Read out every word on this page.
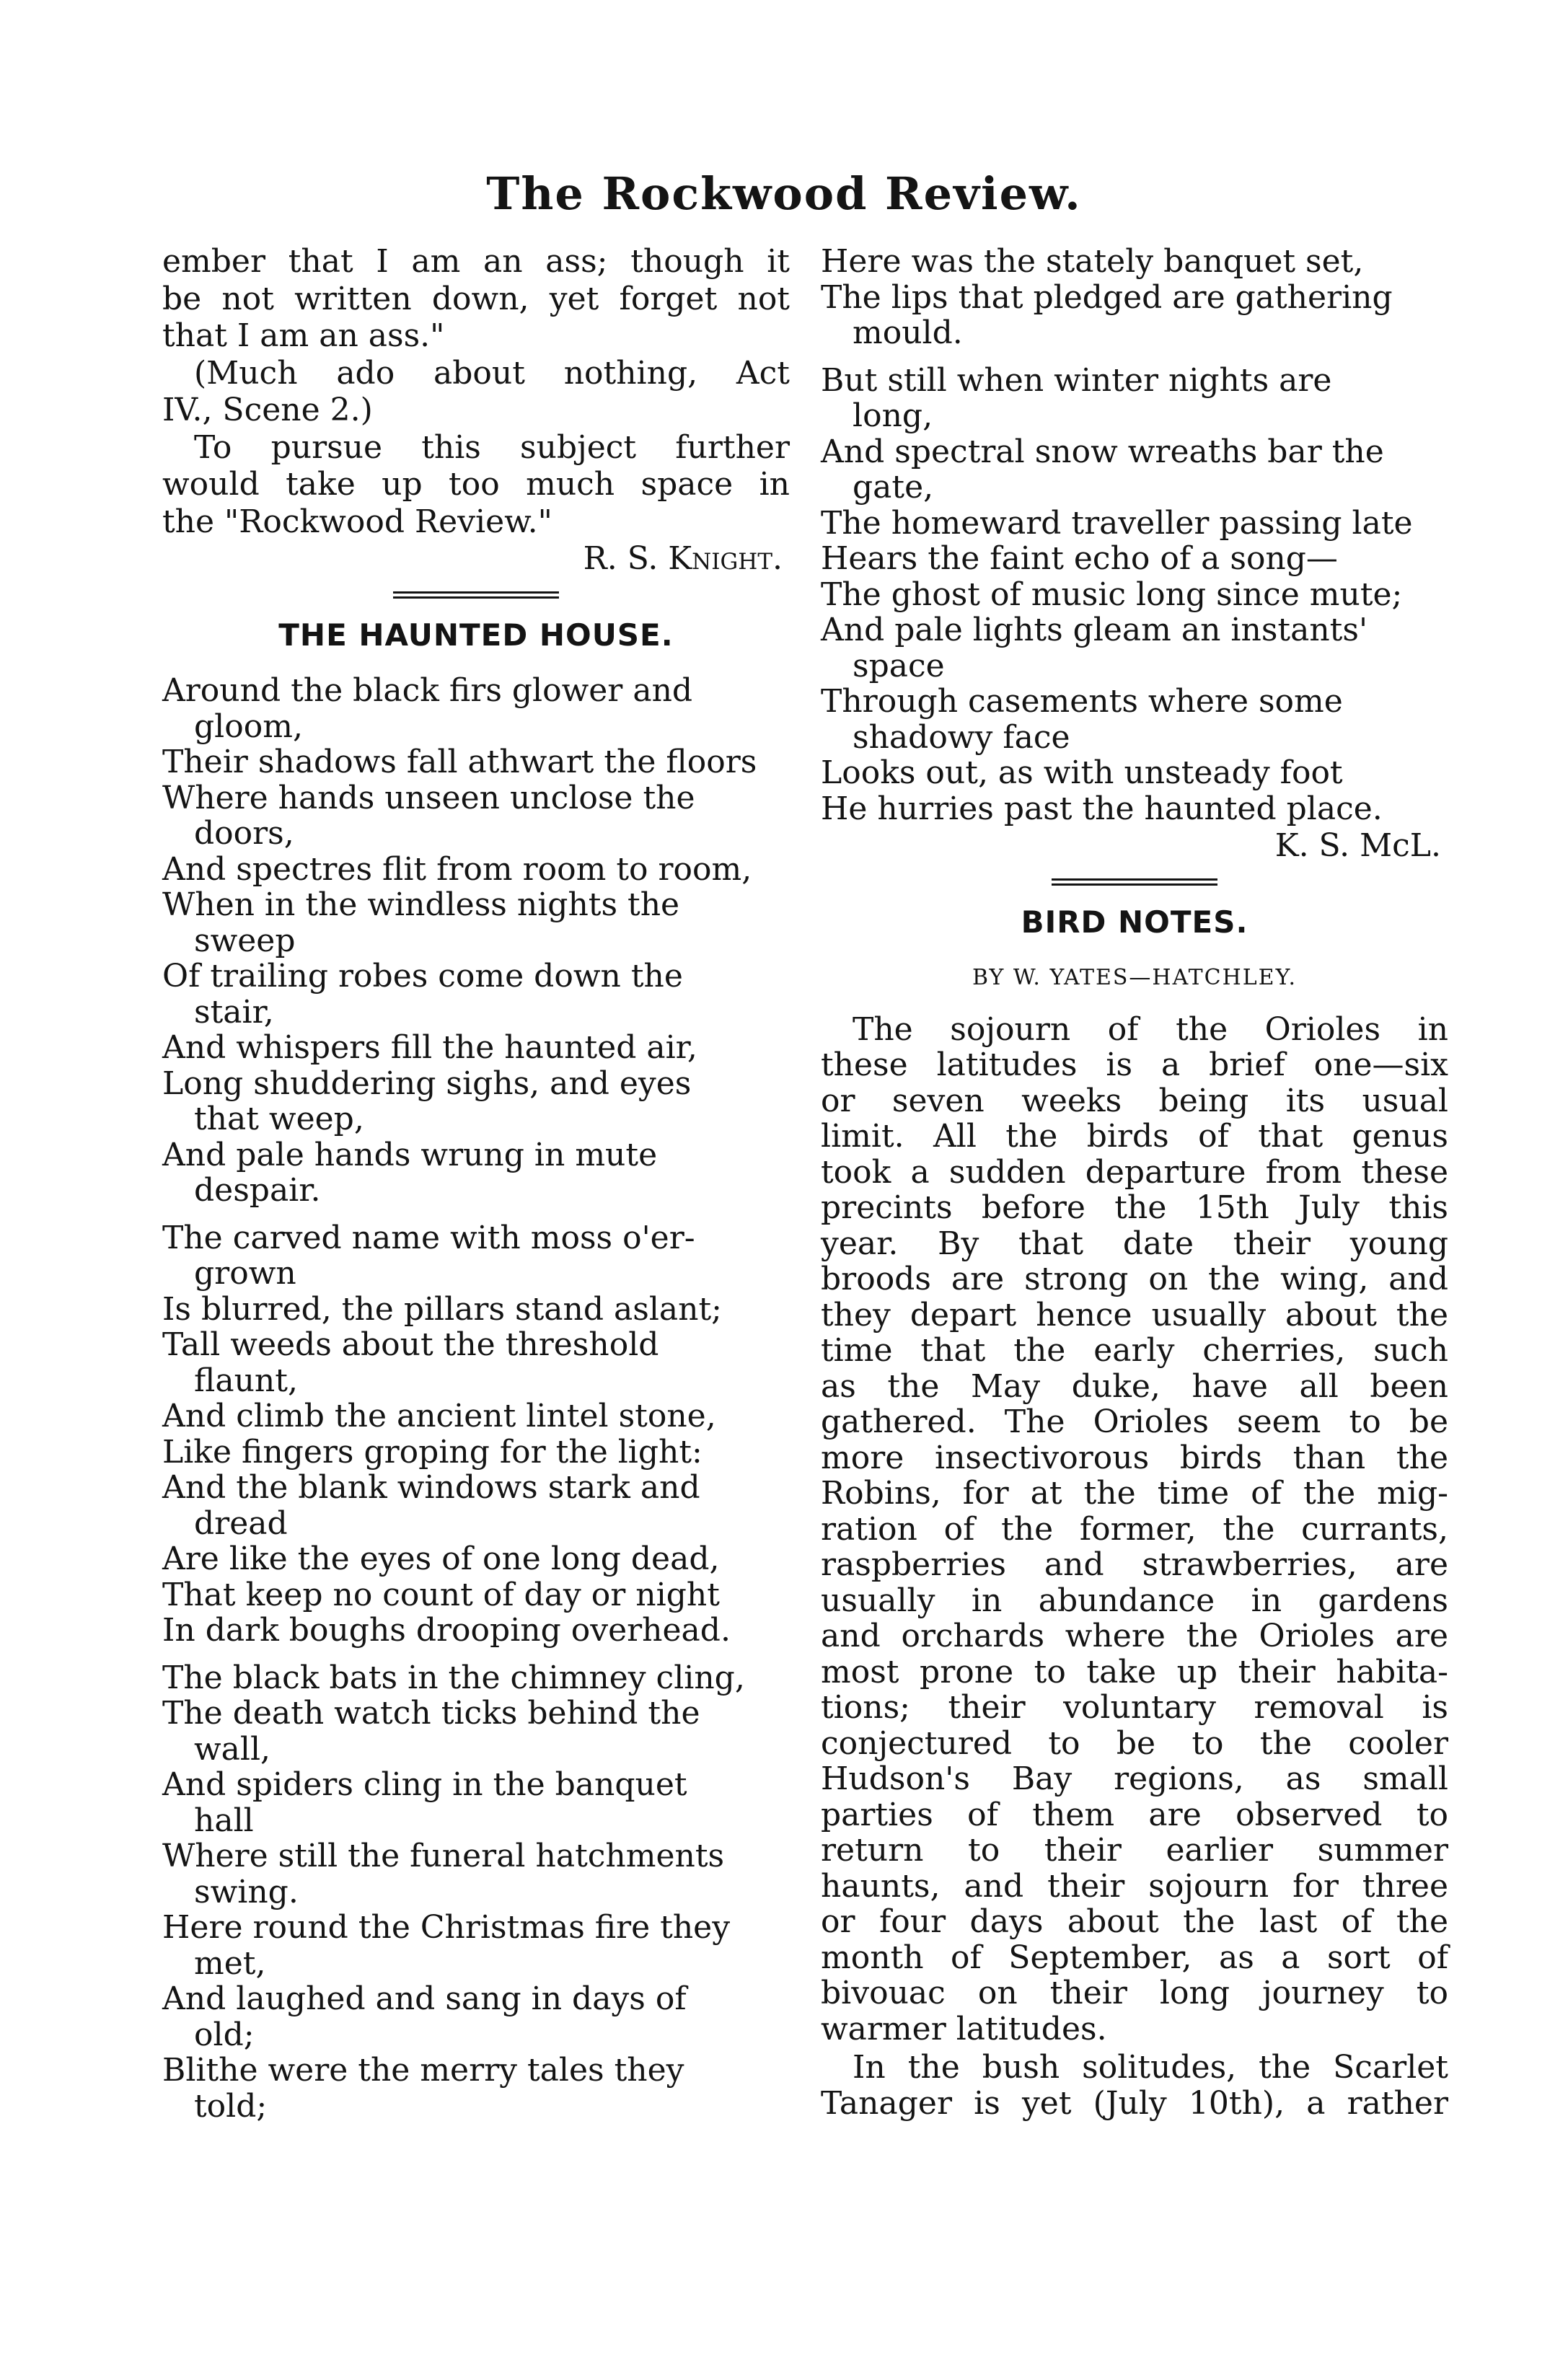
The Rockwood Review.

ember that I am an ass; though it

be not written down, yet forget not

that I am an ass."

(Much ado about nothing, Act

IV., Scene 2.)

To pursue this subject further

would take up too much space in

the "Rockwood Review."

R. S. Knight.

THE HAUNTED HOUSE.

Around the black firs glower and

gloom,

Their shadows fall athwart the floors

Where hands unseen unclose the

doors,

And spectres flit from room to room,

When in the windless nights the

sweep

Of trailing robes come down the

stair,

And whispers fill the haunted air,

Long shuddering sighs, and eyes

that weep,

And pale hands wrung in mute

despair.

The carved name with moss o'er-

grown

Is blurred, the pillars stand aslant;

Tall weeds about the threshold

flaunt,

And climb the ancient lintel stone,

Like fingers groping for the light:

And the blank windows stark and

dread

Are like the eyes of one long dead,

That keep no count of day or night

In dark boughs drooping overhead.

The black bats in the chimney cling,

The death watch ticks behind the

wall,

And spiders cling in the banquet

hall

Where still the funeral hatchments

swing.

Here round the Christmas fire they

met,

And laughed and sang in days of

old;

Blithe were the merry tales they

told;

Here was the stately banquet set,

The lips that pledged are gathering

mould.

But still when winter nights are

long,

And spectral snow wreaths bar the

gate,

The homeward traveller passing late

Hears the faint echo of a song—

The ghost of music long since mute;

And pale lights gleam an instants'

space

Through casements where some

shadowy face

Looks out, as with unsteady foot

He hurries past the haunted place.

K. S. McL.

BIRD NOTES.
BY W. YATES—HATCHLEY.

The sojourn of the Orioles in

these latitudes is a brief one—six

or seven weeks being its usual

limit. All the birds of that genus

took a sudden departure from these

precints before the 15th July this

year. By that date their young

broods are strong on the wing, and

they depart hence usually about the

time that the early cherries, such

as the May duke, have all been

gathered. The Orioles seem to be

more insectivorous birds than the

Robins, for at the time of the mig-

ration of the former, the currants,

raspberries and strawberries, are

usually in abundance in gardens

and orchards where the Orioles are

most prone to take up their habita-

tions; their voluntary removal is

conjectured to be to the cooler

Hudson's Bay regions, as small

parties of them are observed to

return to their earlier summer

haunts, and their sojourn for three

or four days about the last of the

month of September, as a sort of

bivouac on their long journey to

warmer latitudes.

In the bush solitudes, the Scarlet

Tanager is yet (July 10th), a rather
